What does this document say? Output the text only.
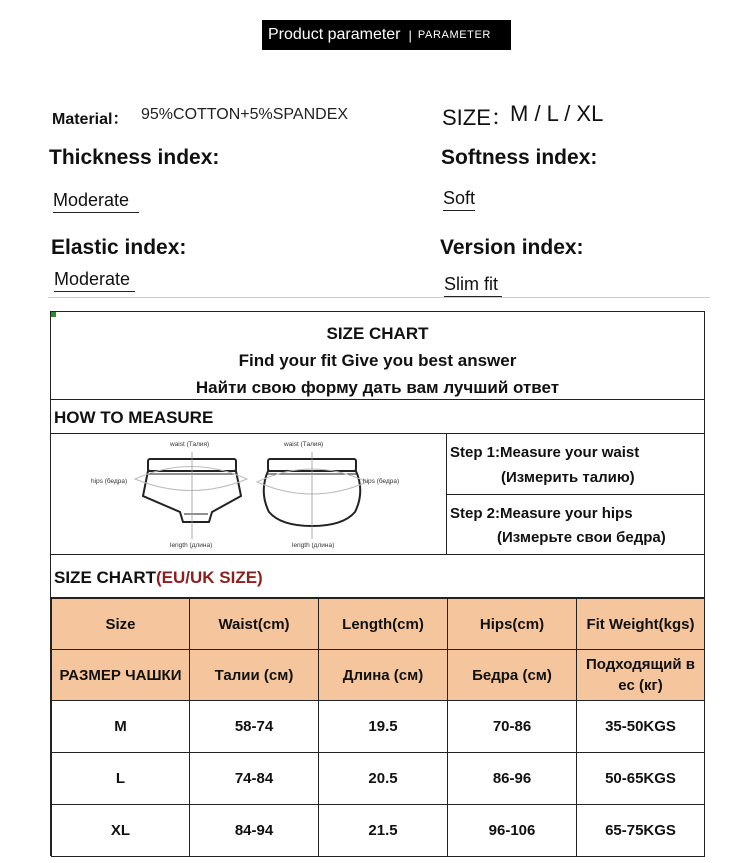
Product parameter | PARAMETER
Material： 95%COTTON+5%SPANDEX	SIZE：
M / L / XL
Thickness index:
Moderate
Softness index:
Soft
Elastic index:
Moderate
Version index:
Slim fit
SIZE CHART
Find your fit Give you best answer
Найти свою форму дать вам лучший ответ
HOW TO MEASURE
waist (Талия)
hips (бедра)
length (длина)
waist (Талия)
hips (бедра)
length (длина)
Step 1:Measure your waist
(Измерить талию)
Step 2:Measure your hips
(Измерьте свои бедра)
SIZE CHART(EU/UK SIZE)
Size	Waist(cm)	Length(cm)	Hips(cm)	Fit Weight(kgs)
РАЗМЕР ЧАШКИ	Талии (см)	Длина (см)	Бедра (см)	Подходящий в ес (кг)
M	58-74	19.5	70-86	35-50KGS
L	74-84	20.5	86-96	50-65KGS
XL	84-94	21.5	96-106	65-75KGS
